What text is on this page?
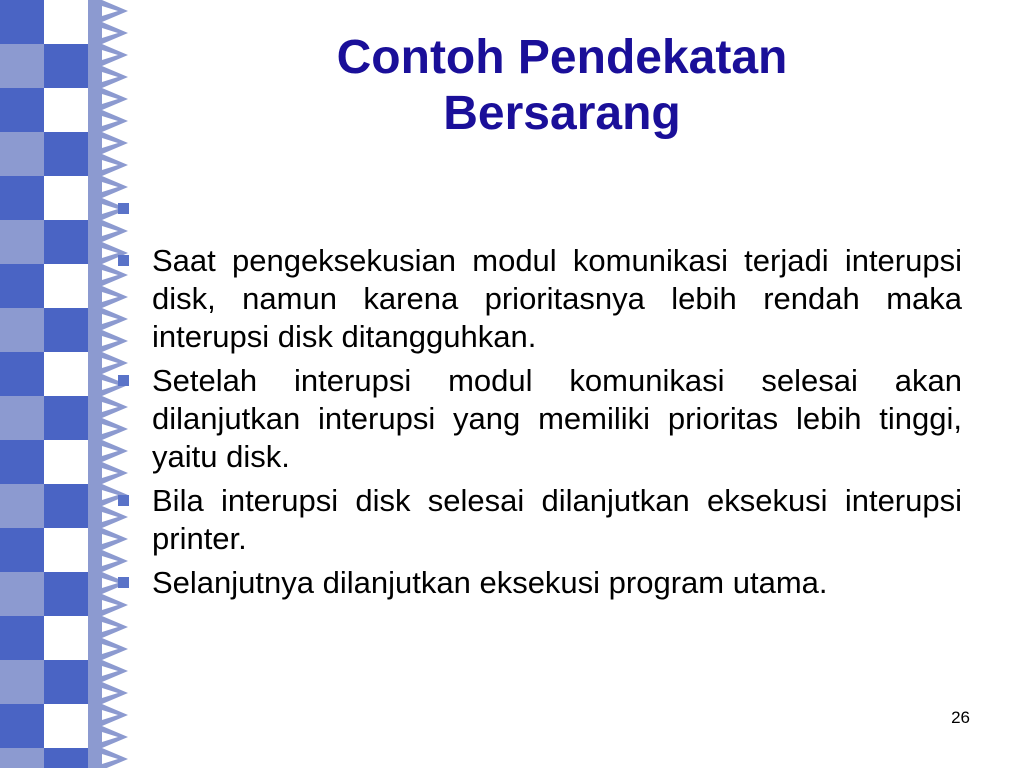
Contoh Pendekatan
Bersarang
Saat pengeksekusian modul komunikasi terjadi interupsi disk, namun karena prioritasnya lebih rendah maka interupsi disk ditangguhkan.
Setelah interupsi modul komunikasi selesai akan dilanjutkan interupsi yang memiliki prioritas lebih tinggi, yaitu disk.
Bila interupsi disk selesai dilanjutkan eksekusi interupsi printer.
Selanjutnya dilanjutkan eksekusi program utama.
26
